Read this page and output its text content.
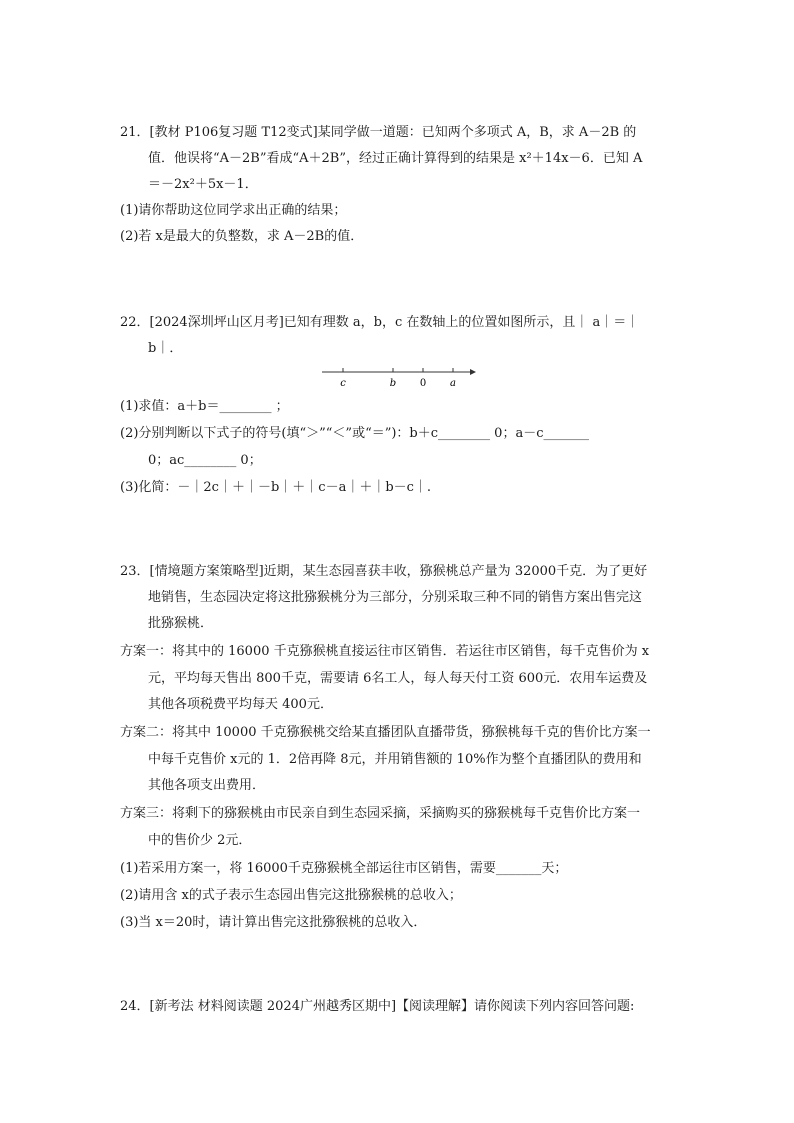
21．[教材 P106复习题 T12变式]某同学做一道题：已知两个多项式 A，B，求 A－2B 的
值．他误将“A－2B”看成“A＋2B”，经过正确计算得到的结果是 x²＋14x－6．已知 A
＝－2x²＋5x－1．
(1)请你帮助这位同学求出正确的结果；
(2)若 x是最大的负整数，求 A－2B的值．
22．[2024深圳坪山区月考]已知有理数 a，b，c 在数轴上的位置如图所示，且｜ a｜＝｜
b｜．
c	b 0 a
(1)求值：a＋b＝________ ；
(2)分别判断以下式子的符号(填“＞”“＜”或“＝”)：b＋c________ 0；a－c_______
0；ac________ 0；
(3)化简：－｜2c｜＋｜－b｜＋｜c－a｜＋｜b－c｜.
23．[情境题方案策略型]近期，某生态园喜获丰收，猕猴桃总产量为 32000千克．为了更好
地销售，生态园决定将这批猕猴桃分为三部分，分别采取三种不同的销售方案出售完这
批猕猴桃．
方案一：将其中的 16000 千克猕猴桃直接运往市区销售．若运往市区销售，每千克售价为 x
元，平均每天售出 800千克，需要请 6名工人，每人每天付工资 600元．农用车运费及
其他各项税费平均每天 400元．
方案二：将其中 10000 千克猕猴桃交给某直播团队直播带货，猕猴桃每千克的售价比方案一
中每千克售价 x元的 1．2倍再降 8元，并用销售额的 10%作为整个直播团队的费用和
其他各项支出费用．
方案三：将剩下的猕猴桃由市民亲自到生态园采摘，采摘购买的猕猴桃每千克售价比方案一
中的售价少 2元．
(1)若采用方案一，将 16000千克猕猴桃全部运往市区销售，需要_______天；
(2)请用含 x的式子表示生态园出售完这批猕猴桃的总收入；
(3)当 x＝20时，请计算出售完这批猕猴桃的总收入．
24．[新考法 材料阅读题 2024广州越秀区期中]【阅读理解】请你阅读下列内容回答问题:
